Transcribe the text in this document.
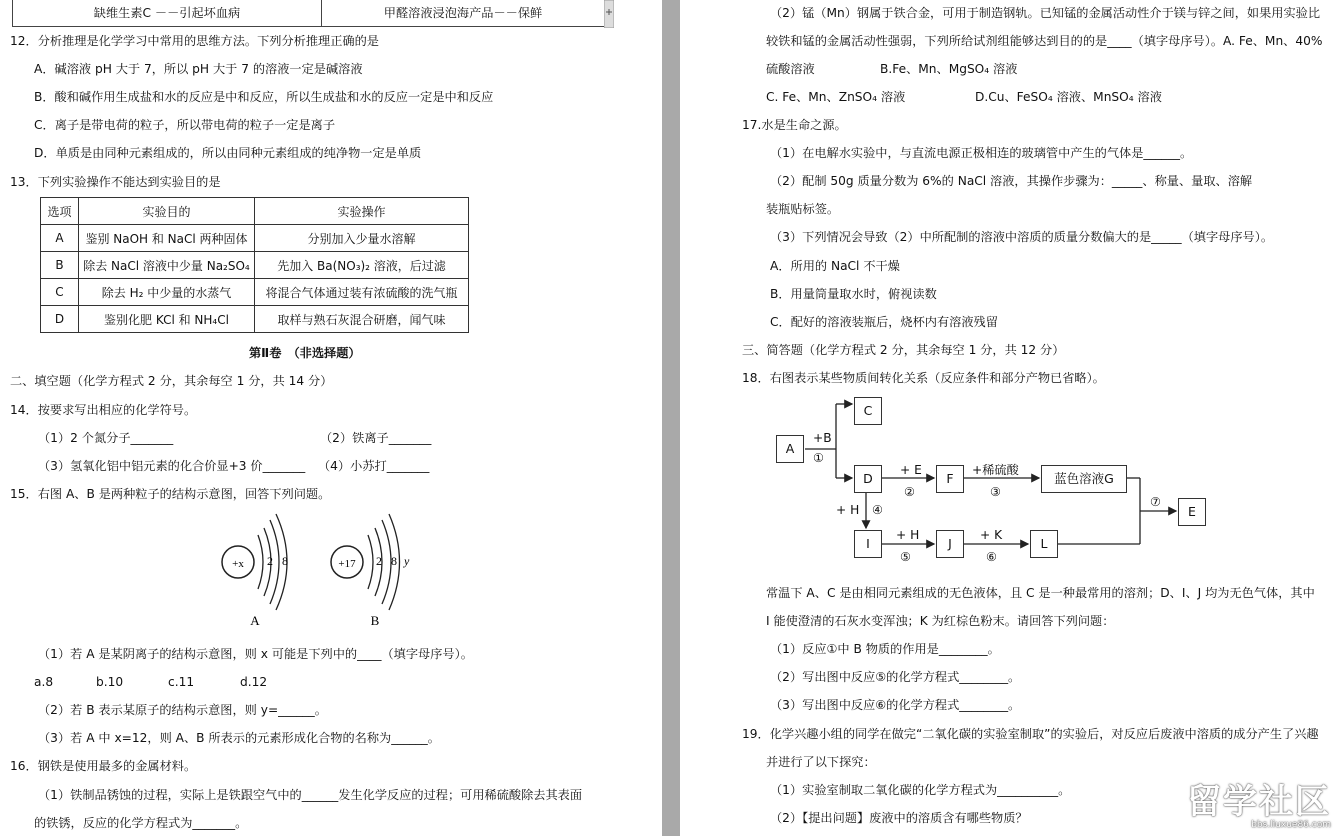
缺维生素C －－引起坏血病	甲醛溶液浸泡海产品－－保鲜
12．分析推理是化学学习中常用的思维方法。下列分析推理正确的是
A．碱溶液 pH 大于 7，所以 pH 大于 7 的溶液一定是碱溶液
B．酸和碱作用生成盐和水的反应是中和反应，所以生成盐和水的反应一定是中和反应
C．离子是带电荷的粒子，所以带电荷的粒子一定是离子
D．单质是由同种元素组成的，所以由同种元素组成的纯净物一定是单质
13．下列实验操作不能达到实验目的是
选项	实验目的	实验操作
A	鉴别 NaOH 和 NaCl 两种固体	分别加入少量水溶解
B	除去 NaCl 溶液中少量 Na₂SO₄	先加入 Ba(NO₃)₂ 溶液，后过滤
C	除去 H₂ 中少量的水蒸气	将混合气体通过装有浓硫酸的洗气瓶
D	鉴别化肥 KCl 和 NH₄Cl	取样与熟石灰混合研磨，闻气味
第Ⅱ卷　（非选择题）
二、填空题（化学方程式 2 分，其余每空 1 分，共 14 分）
14．按要求写出相应的化学符号。
（1）2 个氮分子_______	（2）铁离子_______
（3）氢氧化铝中铝元素的化合价显+3 价_______ （4）小苏打_______
15．右图 A、B 是两种粒子的结构示意图，回答下列问题。
+x 2 8
A
+17 2 8 y
B
（1）若 A 是某阴离子的结构示意图，则 x 可能是下列中的____（填字母序号）。
a.8	b.10	c.11	d.12
（2）若 B 表示某原子的结构示意图，则 y=______。
（3）若 A 中 x=12，则 A、B 所表示的元素形成化合物的名称为______。
16．钢铁是使用最多的金属材料。
（1）铁制品锈蚀的过程，实际上是铁跟空气中的______发生化学反应的过程；可用稀硫酸除去其表面
的铁锈，反应的化学方程式为_______。
（2）锰（Mn）钢属于铁合金，可用于制造钢轨。已知锰的金属活动性介于镁与锌之间，如果用实验比
较铁和锰的金属活动性强弱，下列所给试剂组能够达到目的的是____（填字母序号）。A. Fe、Mn、40%
硫酸溶液	B.Fe、Mn、MgSO₄ 溶液
C. Fe、Mn、ZnSO₄ 溶液	D.Cu、FeSO₄ 溶液、MnSO₄ 溶液
17.水是生命之源。
（1）在电解水实验中，与直流电源正极相连的玻璃管中产生的气体是______。
（2）配制 50g 质量分数为 6%的 NaCl 溶液，其操作步骤为：_____、称量、量取、溶解
装瓶贴标签。
（3）下列情况会导致（2）中所配制的溶液中溶质的质量分数偏大的是_____（填字母序号）。
A．所用的 NaCl 不干燥
B．用量筒量取水时，俯视读数
C．配好的溶液装瓶后，烧杯内有溶液残留
三、简答题（化学方程式 2 分，其余每空 1 分，共 12 分）
18．右图表示某些物质间转化关系（反应条件和部分产物已省略）。
A
C
D	F	蓝色溶液G
E
I	J	L
+B
①
+ E
②
+稀硫酸
③
+ H ④
+ H
⑤
+ K
⑥
⑦
常温下 A、C 是由相同元素组成的无色液体，且 C 是一种最常用的溶剂；D、I、J 均为无色气体，其中
I 能使澄清的石灰水变浑浊；K 为红棕色粉末。请回答下列问题：
（1）反应①中 B 物质的作用是________。
（2）写出图中反应⑤的化学方程式________。
（3）写出图中反应⑥的化学方程式________。
19．化学兴趣小组的同学在做完“二氧化碳的实验室制取”的实验后，对反应后废液中溶质的成分产生了兴趣
并进行了以下探究：
（1）实验室制取二氧化碳的化学方程式为__________。
（2）【提出问题】废液中的溶质含有哪些物质？	留学社区
bbs.liuxue86.com
